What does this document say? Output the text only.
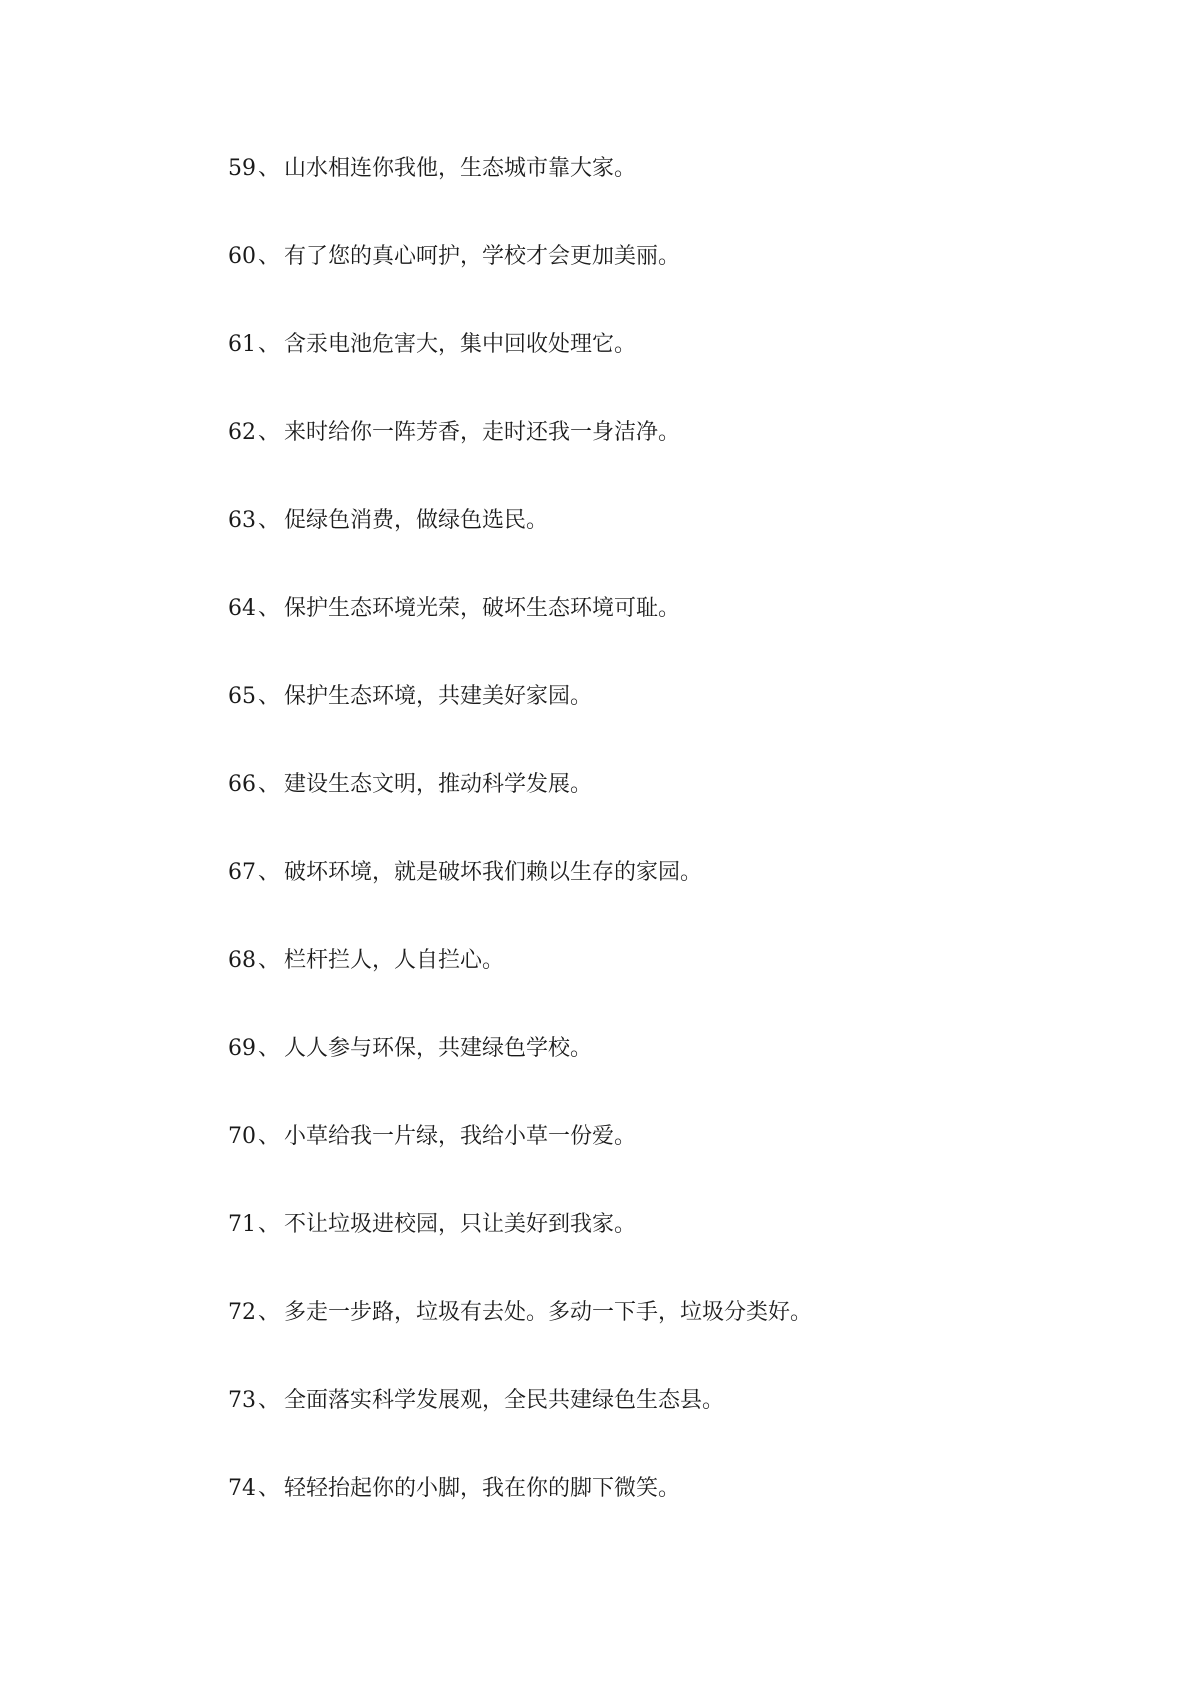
59、 山水相连你我他，生态城市靠大家。
60、 有了您的真心呵护，学校才会更加美丽。
61、 含汞电池危害大，集中回收处理它。
62、 来时给你一阵芳香，走时还我一身洁净。
63、 促绿色消费，做绿色选民。
64、 保护生态环境光荣，破坏生态环境可耻。
65、 保护生态环境，共建美好家园。
66、 建设生态文明，推动科学发展。
67、 破坏环境，就是破坏我们赖以生存的家园。
68、 栏杆拦人，人自拦心。
69、 人人参与环保，共建绿色学校。
70、 小草给我一片绿，我给小草一份爱。
71、 不让垃圾进校园，只让美好到我家。
72、 多走一步路，垃圾有去处。多动一下手，垃圾分类好。
73、 全面落实科学发展观，全民共建绿色生态县。
74、 轻轻抬起你的小脚，我在你的脚下微笑。
